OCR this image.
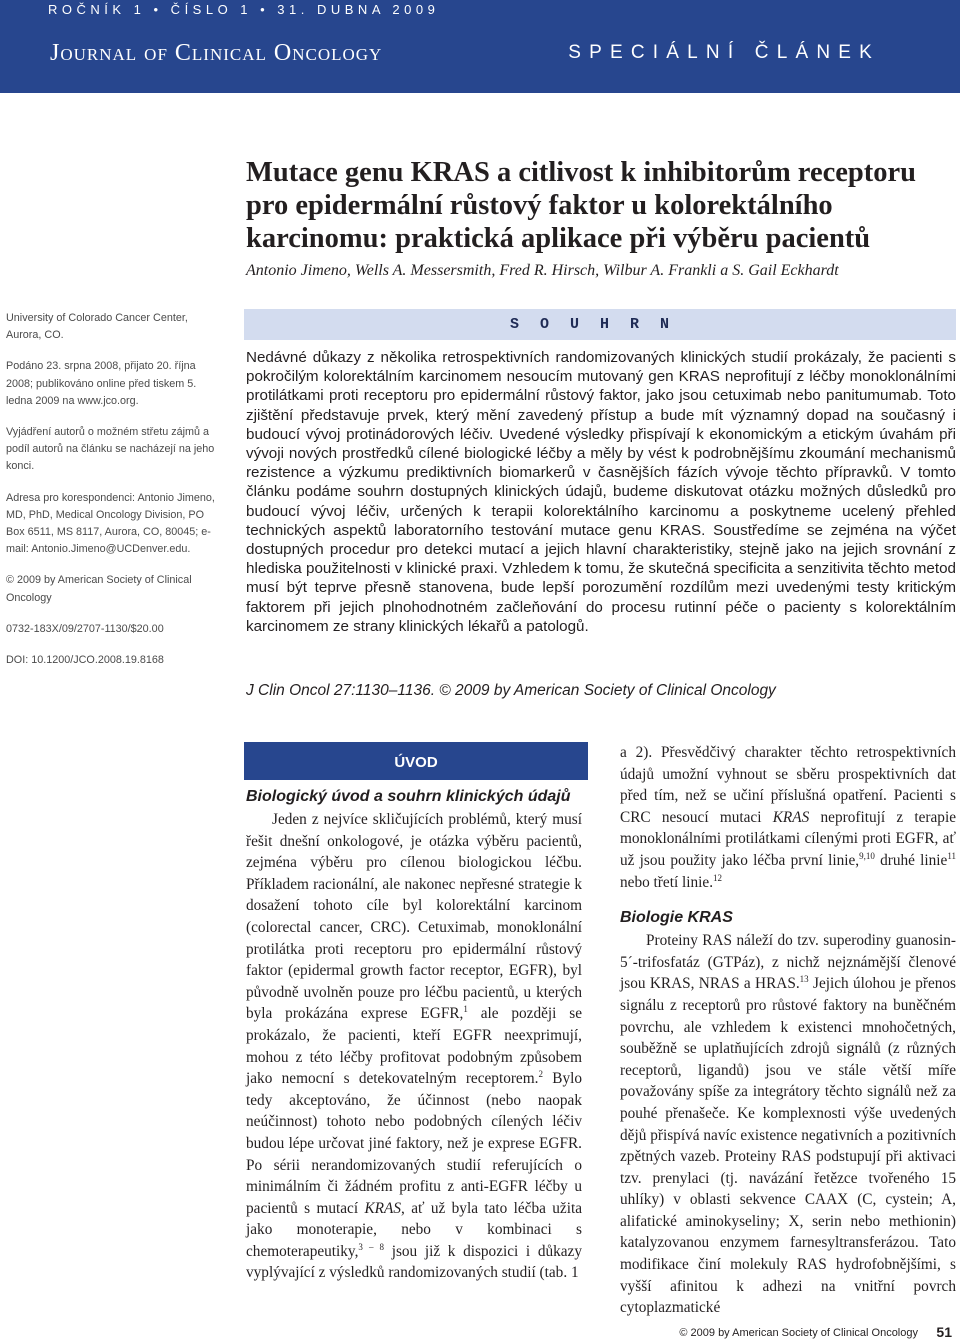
ROČNÍK 1 • ČÍSLO 1 • 31. DUBNA 2009
Journal of Clinical Oncology	SPECIÁLNÍ ČLÁNEK
Mutace genu KRAS a citlivost k inhibitorům receptoru pro epidermální růstový faktor u kolorektálního karcinomu: praktická aplikace při výběru pacientů
Antonio Jimeno, Wells A. Messersmith, Fred R. Hirsch, Wilbur A. Frankli a S. Gail Eckhardt

University of Colorado Cancer Center, Aurora, CO.

Podáno 23. srpna 2008, přijato 20. října 2008; publikováno online před tiskem 5. ledna 2009 na www.jco.org.

Vyjádření autorů o možném střetu zájmů a podíl autorů na článku se nacházejí na jeho konci.

Adresa pro korespondenci: Antonio Jimeno, MD, PhD, Medical Oncology Division, PO Box 6511, MS 8117, Aurora, CO, 80045; e-mail: Antonio.Jimeno@UCDenver.edu.

© 2009 by American Society of Clinical Oncology

0732-183X/09/2707-1130/$20.00

DOI: 10.1200/JCO.2008.19.8168

SOUHRN
Nedávné důkazy z několika retrospektivních randomizovaných klinických studií prokázaly, že pacienti s pokročilým kolorektálním karcinomem nesoucím mutovaný gen KRAS neprofitují z léčby monoklonálními protilátkami proti receptoru pro epidermální růstový faktor, jako jsou cetuximab nebo panitumumab. Toto zjištění představuje prvek, který mění zavedený přístup a bude mít významný dopad na současný i budoucí vývoj protinádorových léčiv. Uvedené výsledky přispívají k ekonomickým a etickým úvahám při vývoji nových prostředků cílené biologické léčby a měly by vést k podrobnějšímu zkoumání mechanismů rezistence a výzkumu prediktivních biomarkerů v časnějších fázích vývoje těchto přípravků. V tomto článku podáme souhrn dostupných klinických údajů, budeme diskutovat otázku možných důsledků pro budoucí vývoj léčiv, určených k terapii kolorektálního karcinomu a poskytneme ucelený přehled technických aspektů laboratorního testování mutace genu KRAS. Soustředíme se zejména na výčet dostupných procedur pro detekci mutací a jejich hlavní charakteristiky, stejně jako na jejich srovnání z hlediska použitelnosti v klinické praxi. Vzhledem k tomu, že skutečná specificita a senzitivita těchto metod musí být teprve přesně stanovena, bude lepší porozumění rozdílům mezi uvedenými testy kritickým faktorem při jejich plnohodnotném začleňování do procesu rutinní péče o pacienty s kolorektálním karcinomem ze strany klinických lékařů a patologů.
J Clin Oncol 27:1130–1136. © 2009 by American Society of Clinical Oncology
ÚVOD
Biologický úvod a souhrn klinických údajů

Jeden z nejvíce skličujících problémů, který musí řešit dnešní onkologové, je otázka výběru pacientů, zejména výběru pro cílenou biologickou léčbu. Příkladem racionální, ale nakonec nepřesné strategie k dosažení tohoto cíle byl kolorektální karcinom (colorectal cancer, CRC). Cetuximab, monoklonální protilátka proti receptoru pro epidermální růstový faktor (epidermal growth factor receptor, EGFR), byl původně uvolněn pouze pro léčbu pacientů, u kterých byla prokázána exprese EGFR,$^1$ ale později se prokázalo, že pacienti, kteří EGFR neexprimují, mohou z této léčby profitovat podobným způsobem jako nemocní s detekovatelným receptorem.$^2$ Bylo tedy akceptováno, že účinnost (nebo naopak neúčinnost) tohoto nebo podobných cílených léčiv budou lépe určovat jiné faktory, než je exprese EGFR. Po sérii nerandomizovaných studií referujících o minimálním či žádném profitu z anti-EGFR léčby u pacientů s mutací KRAS, ať už byla tato léčba užita jako monoterapie, nebo v kombinaci s chemoterapeutiky,$^{3 - 8}$ jsou již k dispozici i důkazy vyplývající z výsledků randomizovaných studií (tab. 1

a 2). Přesvědčivý charakter těchto retrospektivních údajů umožní vyhnout se sběru prospektivních dat před tím, než se učiní příslušná opatření. Pacienti s CRC nesoucí mutaci KRAS neprofitují z terapie monoklonálními protilátkami cílenými proti EGFR, ať už jsou použity jako léčba první linie,$^{9,10}$ druhé linie$^{11}$ nebo třetí linie.$^{12}$

Biologie KRAS

Proteiny RAS náleží do tzv. superodiny guanosin-5´-trifosfatáz (GTPáz), z nichž nejznámější členové jsou KRAS, NRAS a HRAS.$^{13}$ Jejich úlohou je přenos signálu z receptorů pro růstové faktory na buněčném povrchu, ale vzhledem k existenci mnohočetných, souběžně se uplatňujících zdrojů signálů (z různých receptorů, ligandů) jsou ve stále větší míře považovány spíše za integrátory těchto signálů než za pouhé přenašeče. Ke komplexnosti výše uvedených dějů přispívá navíc existence negativních a pozitivních zpětných vazeb. Proteiny RAS podstupují při aktivaci tzv. prenylaci (tj. navázání řetězce tvořeného 15 uhlíky) v oblasti sekvence CAAX (C, cystein; A, alifatické aminokyseliny; X, serin nebo methionin) katalyzovanou enzymem farnesyltransferázou. Tato modifikace činí molekuly RAS hydrofobnějšími, s vyšší afinitou k adhezi na vnitřní povrch cytoplazmatické

© 2009 by American Society of Clinical Oncology 51
